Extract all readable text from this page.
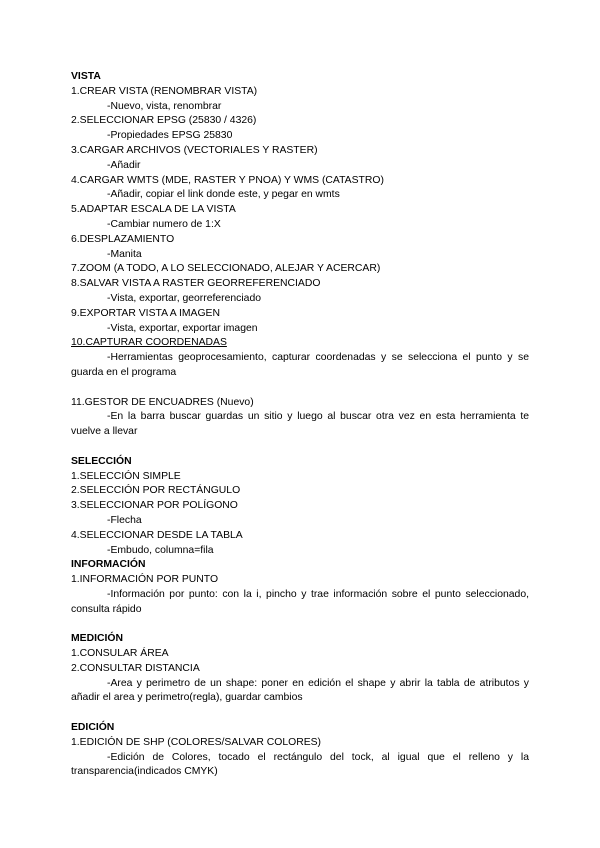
VISTA
1.CREAR VISTA (RENOMBRAR VISTA)
-Nuevo, vista, renombrar
2.SELECCIONAR EPSG (25830 / 4326)
-Propiedades EPSG 25830
3.CARGAR ARCHIVOS (VECTORIALES Y RASTER)
-Añadir
4.CARGAR WMTS (MDE, RASTER Y PNOA) Y WMS (CATASTRO)
-Añadir, copiar el link donde este, y pegar en wmts
5.ADAPTAR ESCALA DE LA VISTA
-Cambiar numero de 1:X
6.DESPLAZAMIENTO
-Manita
7.ZOOM (A TODO, A LO SELECCIONADO, ALEJAR Y ACERCAR)
8.SALVAR VISTA A RASTER GEORREFERENCIADO
-Vista, exportar, georreferenciado
9.EXPORTAR VISTA A IMAGEN
-Vista, exportar, exportar imagen
10.CAPTURAR COORDENADAS
-Herramientas geoprocesamiento, capturar coordenadas y se selecciona el punto y se guarda en el programa
11.GESTOR DE ENCUADRES (Nuevo)
-En la barra buscar guardas un sitio y luego al buscar otra vez en esta herramienta te vuelve a llevar
SELECCIÓN
1.SELECCIÓN SIMPLE
2.SELECCIÓN POR RECTÁNGULO
3.SELECCIONAR POR POLÍGONO
-Flecha
4.SELECCIONAR DESDE LA TABLA
-Embudo, columna=fila
INFORMACIÓN
1.INFORMACIÓN POR PUNTO
-Información por punto: con la i, pincho y trae información sobre el punto seleccionado, consulta rápido
MEDICIÓN
1.CONSULAR ÁREA
2.CONSULTAR DISTANCIA
-Area y perimetro de un shape: poner en edición el shape y abrir la tabla de atributos y añadir el area y perimetro(regla), guardar cambios
EDICIÓN
1.EDICIÓN DE SHP (COLORES/SALVAR COLORES)
-Edición de Colores, tocado el rectángulo del tock, al igual que el relleno y la transparencia(indicados CMYK)
